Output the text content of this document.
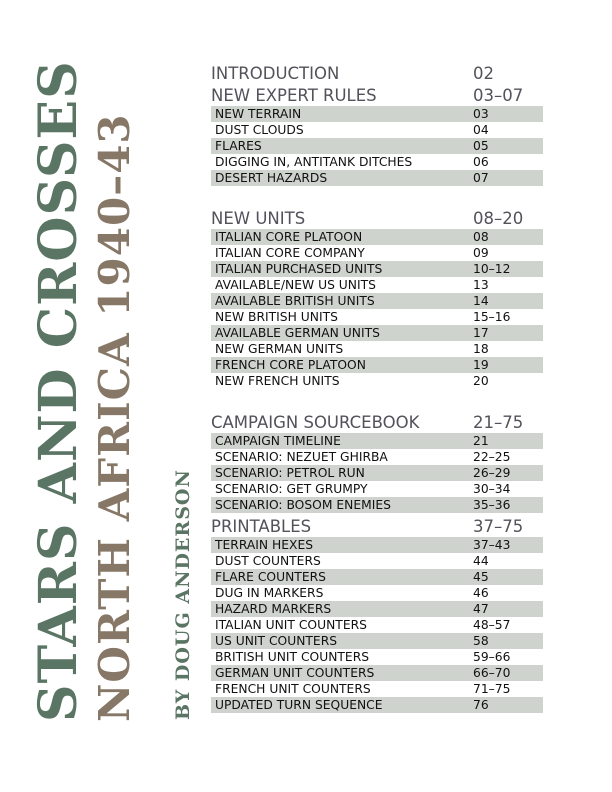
STARS AND CROSSES NORTH AFRICA 1940–43 BY DOUG ANDERSON
INTRODUCTION	02
NEW EXPERT RULES	03–07
NEW TERRAIN	03
DUST CLOUDS	04
FLARES	05
DIGGING IN, ANTITANK DITCHES	06
DESERT HAZARDS	07
NEW UNITS	08–20
ITALIAN CORE PLATOON	08
ITALIAN CORE COMPANY	09
ITALIAN PURCHASED UNITS	10–12
AVAILABLE/NEW US UNITS	13
AVAILABLE BRITISH UNITS	14
NEW BRITISH UNITS	15–16
AVAILABLE GERMAN UNITS	17
NEW GERMAN UNITS	18
FRENCH CORE PLATOON	19
NEW FRENCH UNITS	20
CAMPAIGN SOURCEBOOK	21–75
CAMPAIGN TIMELINE	21
SCENARIO: NEZUET GHIRBA	22–25
SCENARIO: PETROL RUN	26–29
SCENARIO: GET GRUMPY	30–34
SCENARIO: BOSOM ENEMIES	35–36
PRINTABLES	37–75
TERRAIN HEXES	37–43
DUST COUNTERS	44
FLARE COUNTERS	45
DUG IN MARKERS	46
HAZARD MARKERS	47
ITALIAN UNIT COUNTERS	48–57
US UNIT COUNTERS	58
BRITISH UNIT COUNTERS	59–66
GERMAN UNIT COUNTERS	66–70
FRENCH UNIT COUNTERS	71–75
UPDATED TURN SEQUENCE	76
